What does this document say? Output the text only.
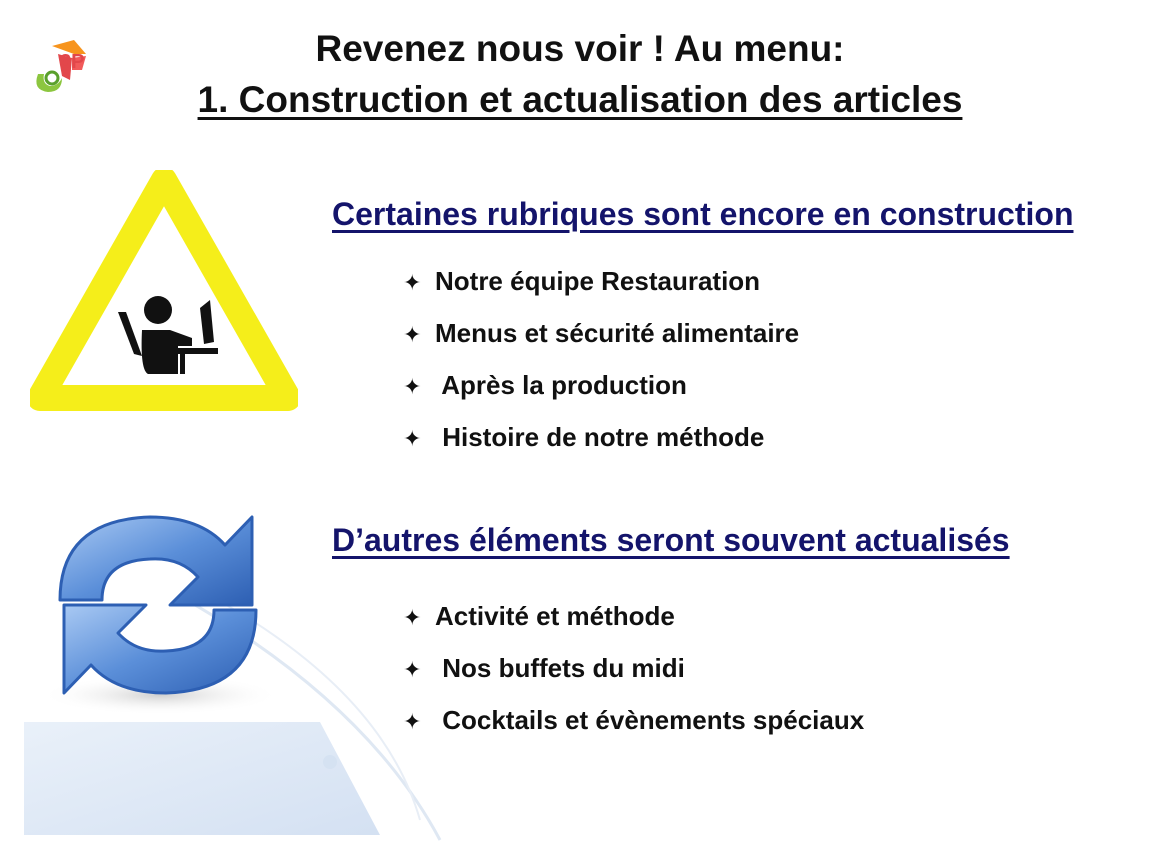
3P	Revenez nous voir ! Au menu:
1. Construction et actualisation des articles
Certaines rubriques sont encore en construction
✦ Notre équipe Restauration
✦ Menus et sécurité alimentaire
✦ Après la production
✦ Histoire de notre méthode
D’autres éléments seront souvent actualisés
✦ Activité et méthode
✦ Nos buffets du midi
✦ Cocktails et évènements spéciaux
